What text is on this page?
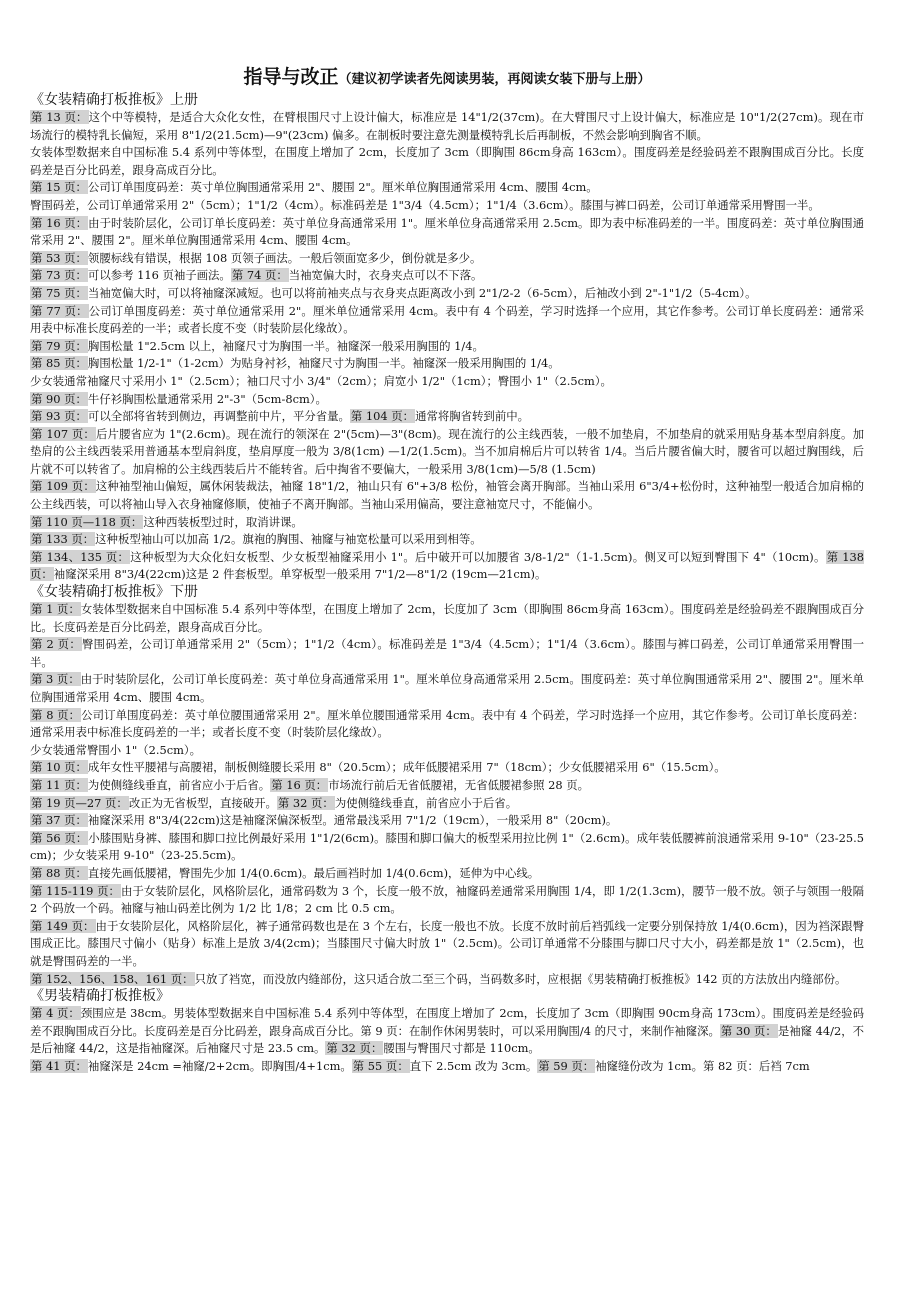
指导与改正（建议初学读者先阅读男装，再阅读女装下册与上册）
《女装精确打板推板》上册
第 13 页：这个中等模特，是适合大众化女性，在臂根围尺寸上设计偏大，标准应是 14"1/2(37cm)。在大臂围尺寸上设计偏大，标准应是 10"1/2(27cm)。现在市场流行的模特乳长偏短，采用 8"1/2(21.5cm)—9"(23cm) 偏多。在制板时要注意先测量模特乳长后再制板，不然会影响到胸省不顺。
女装体型数据来自中国标准 5.4 系列中等体型，在围度上增加了 2cm，长度加了 3cm（即胸围 86cm身高 163cm）。围度码差是经验码差不跟胸围成百分比。长度码差是百分比码差，跟身高成百分比。
第 15 页：公司订单围度码差：英寸单位胸围通常采用 2"、腰围 2"。厘米单位胸围通常采用 4cm、腰围 4cm。
臀围码差，公司订单通常采用 2"（5cm）；1"1/2（4cm）。标准码差是 1"3/4（4.5cm）；1"1/4（3.6cm）。膝围与裤口码差，公司订单通常采用臀围一半。
第 16 页：由于时装阶层化，公司订单长度码差：英寸单位身高通常采用 1"。厘米单位身高通常采用 2.5cm。即为表中标准码差的一半。围度码差：英寸单位胸围通常采用 2"、腰围 2"。厘米单位胸围通常采用 4cm、腰围 4cm。
第 53 页：领腰标线有错误，根据 108 页领子画法。一般后领面宽多少，倒份就是多少。
第 73 页：可以参考 116 页袖子画法。第 74 页：当袖宽偏大时，衣身夹点可以不下落。
第 75 页：当袖宽偏大时，可以将袖窿深减短。也可以将前袖夹点与衣身夹点距离改小到 2"1/2-2（6-5cm），后袖改小到 2"-1"1/2（5-4cm）。
第 77 页：公司订单围度码差：英寸单位通常采用 2"。厘米单位通常采用 4cm。表中有 4 个码差，学习时选择一个应用，其它作参考。公司订单长度码差：通常采用表中标准长度码差的一半；或者长度不变（时装阶层化缘故）。
第 79 页：胸围松量 1"2.5cm 以上，袖窿尺寸为胸围一半。袖窿深一般采用胸围的 1/4。
第 85 页：胸围松量 1/2-1"（1-2cm）为贴身衬衫，袖窿尺寸为胸围一半。袖窿深一般采用胸围的 1/4。
少女装通常袖窿尺寸采用小 1"（2.5cm）；袖口尺寸小 3/4"（2cm）；肩宽小 1/2"（1cm）；臀围小 1"（2.5cm）。
第 90 页：牛仔衫胸围松量通常采用 2"-3"（5cm-8cm）。
第 93 页：可以全部将省转到侧边，再调整前中片，平分省量。第 104 页：通常将胸省转到前中。
第 107 页：后片腰省应为 1"(2.6cm)。现在流行的领深在 2"(5cm)—3"(8cm)。现在流行的公主线西装，一般不加垫肩，不加垫肩的就采用贴身基本型肩斜度。加垫肩的公主线西装采用普通基本型肩斜度，垫肩厚度一般为 3/8(1cm) —1/2(1.5cm)。当不加肩棉后片可以转省 1/4。当后片腰省偏大时，腰省可以超过胸围线，后片就不可以转省了。加肩棉的公主线西装后片不能转省。后中掏省不要偏大，一般采用 3/8(1cm)—5/8 (1.5cm)
第 109 页：这种袖型袖山偏短，属休闲装裁法，袖窿 18"1/2，袖山只有 6"+3/8 松份，袖管会离开胸部。当袖山采用 6"3/4+松份时，这种袖型一般适合加肩棉的公主线西装，可以将袖山导入衣身袖窿修顺，使袖子不离开胸部。当袖山采用偏高，要注意袖宽尺寸，不能偏小。
第 110 页—118 页：这种西装板型过时，取消讲课。
第 133 页：这种板型袖山可以加高 1/2。旗袍的胸围、袖窿与袖宽松量可以采用到相等。
第 134、135 页：这种板型为大众化妇女板型、少女板型袖窿采用小 1"。后中破开可以加腰省 3/8-1/2"（1-1.5cm)。侧叉可以短到臀围下 4"（10cm)。第 138 页：袖窿深采用 8"3/4(22cm)这是 2 件套板型。单穿板型一般采用 7"1/2—8"1/2 (19cm—21cm)。
《女装精确打板推板》下册
第 1 页：女装体型数据来自中国标准 5.4 系列中等体型，在围度上增加了 2cm，长度加了 3cm（即胸围 86cm身高 163cm）。围度码差是经验码差不跟胸围成百分比。长度码差是百分比码差，跟身高成百分比。
第 2 页：臀围码差，公司订单通常采用 2"（5cm）；1"1/2（4cm）。标准码差是 1"3/4（4.5cm）；1"1/4（3.6cm）。膝围与裤口码差，公司订单通常采用臀围一半。
第 3 页：由于时装阶层化，公司订单长度码差：英寸单位身高通常采用 1"。厘米单位身高通常采用 2.5cm。围度码差：英寸单位胸围通常采用 2"、腰围 2"。厘米单位胸围通常采用 4cm、腰围 4cm。
第 8 页：公司订单围度码差：英寸单位腰围通常采用 2"。厘米单位腰围通常采用 4cm。表中有 4 个码差，学习时选择一个应用，其它作参考。公司订单长度码差：通常采用表中标准长度码差的一半；或者长度不变（时装阶层化缘故）。
少女装通常臀围小 1"（2.5cm）。
第 10 页：成年女性平腰裙与高腰裙，制板侧缝腰长采用 8"（20.5cm）；成年低腰裙采用 7"（18cm）；少女低腰裙采用 6"（15.5cm）。
第 11 页：为使侧缝线垂直，前省应小于后省。第 16 页：市场流行前后无省低腰裙，无省低腰裙参照 28 页。
第 19 页—27 页：改正为无省板型，直接破开。第 32 页：为使侧缝线垂直，前省应小于后省。
第 37 页：袖窿深采用 8"3/4(22cm)这是袖窿深偏深板型。通常最浅采用 7"1/2（19cm），一般采用 8"（20cm)。
第 56 页：小膝围贴身裤、膝围和脚口拉比例最好采用 1"1/2(6cm)。膝围和脚口偏大的板型采用拉比例 1"（2.6cm)。成年装低腰裤前浪通常采用 9-10"（23-25.5cm)；少女装采用 9-10"（23-25.5cm)。
第 88 页：直接先画低腰裙，臀围先少加 1/4(0.6cm)。最后画裆时加 1/4(0.6cm)，延伸为中心线。
第 115-119 页：由于女装阶层化，风格阶层化，通常码数为 3 个，长度一般不放，袖窿码差通常采用胸围 1/4，即 1/2(1.3cm)，腰节一般不放。领子与领围一般隔 2 个码放一个码。袖窿与袖山码差比例为 1/2 比 1/8；2 cm 比 0.5 cm。
第 149 页：由于女装阶层化，风格阶层化，裤子通常码数也是在 3 个左右，长度一般也不放。长度不放时前后裆弧线一定要分别保持放 1/4(0.6cm)，因为裆深跟臀围成正比。膝围尺寸偏小（贴身）标准上是放 3/4(2cm)；当膝围尺寸偏大时放 1"（2.5cm)。公司订单通常不分膝围与脚口尺寸大小，码差都是放 1"（2.5cm)，也就是臀围码差的一半。
第 152、156、158、161 页：只放了裆宽，而没放内缝部份，这只适合放二至三个码，当码数多时，应根据《男装精确打板推板》142 页的方法放出内缝部份。
《男装精确打板推板》
第 4 页：颈围应是 38cm。男装体型数据来自中国标准 5.4 系列中等体型，在围度上增加了 2cm，长度加了 3cm（即胸围 90cm身高 173cm）。围度码差是经验码差不跟胸围成百分比。长度码差是百分比码差，跟身高成百分比。第 9 页：在制作休闲男装时，可以采用胸围/4 的尺寸，来制作袖窿深。第 30 页：是袖窿 44/2，不是后袖窿 44/2，这是指袖窿深。后袖窿尺寸是 23.5 cm。第 32 页：腰围与臀围尺寸都是 110cm。
第 41 页：袖窿深是 24cm =袖窿/2+2cm。即胸围/4+1cm。第 55 页：直下 2.5cm 改为 3cm。第 59 页：袖窿缝份改为 1cm。第 82 页：后裆 7cm
